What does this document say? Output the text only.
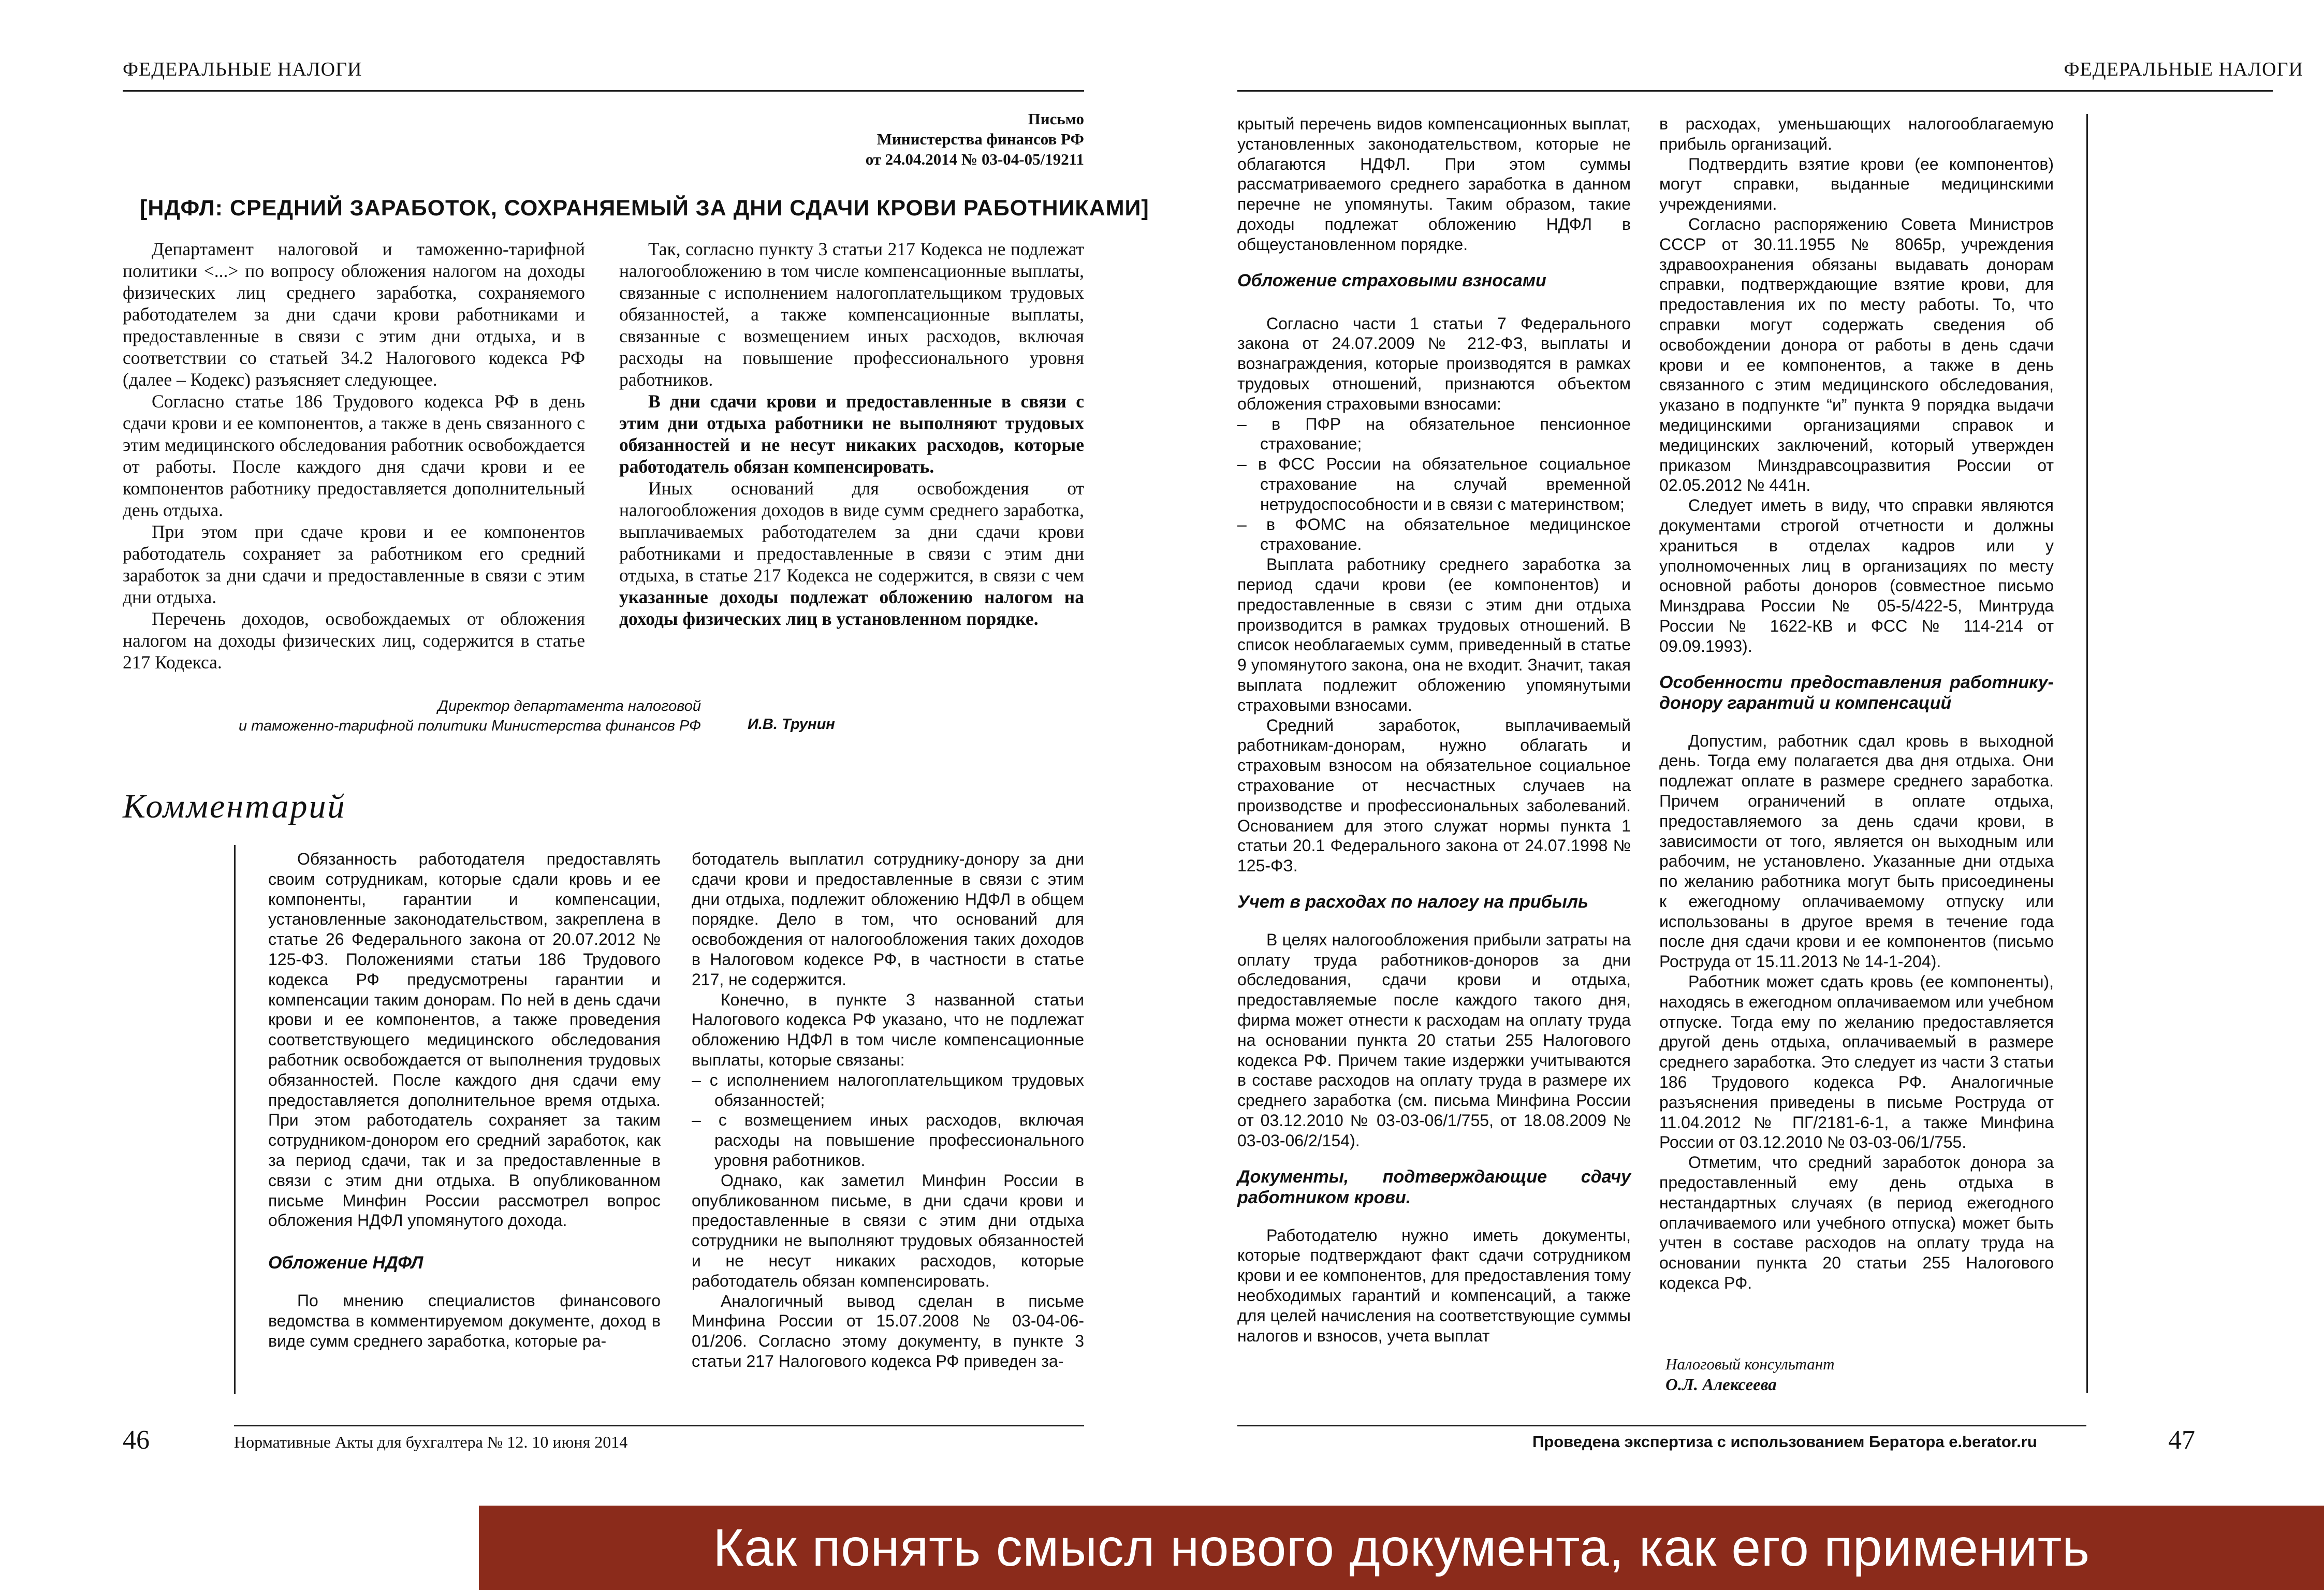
ФЕДЕРАЛЬНЫЕ НАЛОГИ
Письмо
Министерства финансов РФ
от 24.04.2014 № 03-04-05/19211
[НДФЛ: СРЕДНИЙ ЗАРАБОТОК, СОХРАНЯЕМЫЙ ЗА ДНИ СДАЧИ КРОВИ РАБОТНИКАМИ]

Департамент налоговой и таможенно-тарифной политики <...> по вопросу обложения налогом на доходы физических лиц среднего заработка, сохраняемого работодателем за дни сдачи крови работниками и предоставленные в связи с этим дни отдыха, и в соответствии со статьей 34.2 Налогового кодекса РФ (далее – Кодекс) разъясняет следующее.

Согласно статье 186 Трудового кодекса РФ в день сдачи крови и ее компонентов, а также в день связанного с этим медицинского обследования работник освобождается от работы. После каждого дня сдачи крови и ее компонентов работнику предоставляется дополнительный день отдыха.

При этом при сдаче крови и ее компонентов работодатель сохраняет за работником его средний заработок за дни сдачи и предоставленные в связи с этим дни отдыха.

Перечень доходов, освобождаемых от обложения налогом на доходы физических лиц, содержится в статье 217 Кодекса.

Так, согласно пункту 3 статьи 217 Кодекса не подлежат налогообложению в том числе компенсационные выплаты, связанные с исполнением налогоплательщиком трудовых обязанностей, а также компенсационные выплаты, связанные с возмещением иных расходов, включая расходы на повышение профессионального уровня работников.

В дни сдачи крови и предоставленные в связи с этим дни отдыха работники не выполняют трудовых обязанностей и не несут никаких расходов, которые работодатель обязан компенсировать.

Иных оснований для освобождения от налогообложения доходов в виде сумм среднего заработка, выплачиваемых работодателем за дни сдачи крови работниками и предоставленные в связи с этим дни отдыха, в статье 217 Кодекса не содержится, в связи с чем указанные доходы подлежат обложению налогом на доходы физических лиц в установленном порядке.

Директор департамента налоговой
и таможенно-тарифной политики Министерства финансов РФ	И.В. Трунин
Комментарий

Обязанность работодателя предоставлять своим сотрудникам, которые сдали кровь и ее компоненты, гарантии и компенсации, установленные законодательством, закреплена в статье 26 Федерального закона от 20.07.2012 № 125-ФЗ. Положениями статьи 186 Трудового кодекса РФ предусмотрены гарантии и компенсации таким донорам. По ней в день сдачи крови и ее компонентов, а также проведения соответствующего медицинского обследования работник освобождается от выполнения трудовых обязанностей. После каждого дня сдачи ему предоставляется дополнительное время отдыха. При этом работодатель сохраняет за таким сотрудником-донором его средний заработок, как за период сдачи, так и за предоставленные в связи с этим дни отдыха. В опубликованном письме Минфин России рассмотрел вопрос обложения НДФЛ упомянутого дохода.

Обложение НДФЛ

По мнению специалистов финансового ведомства в комментируемом документе, доход в виде сумм среднего заработка, которые ра-

ботодатель выплатил сотруднику-донору за дни сдачи крови и предоставленные в связи с этим дни отдыха, подлежит обложению НДФЛ в общем порядке. Дело в том, что оснований для освобождения от налогообложения таких доходов в Налоговом кодексе РФ, в частности в статье 217, не содержится.

Конечно, в пункте 3 названной статьи Налогового кодекса РФ указано, что не подлежат обложению НДФЛ в том числе компенсационные выплаты, которые связаны:

– с исполнением налогоплательщиком трудовых обязанностей;

– с возмещением иных расходов, включая расходы на повышение профессионального уровня работников.

Однако, как заметил Минфин России в опубликованном письме, в дни сдачи крови и предоставленные в связи с этим дни отдыха сотрудники не выполняют трудовых обязанностей и не несут никаких расходов, которые работодатель обязан компенсировать.

Аналогичный вывод сделан в письме Минфина России от 15.07.2008 № 03-04-06-01/206. Согласно этому документу, в пункте 3 статьи 217 Налогового кодекса РФ приведен за-

46	Нормативные Акты для бухгалтера № 12. 10 июня 2014
ФЕДЕРАЛЬНЫЕ НАЛОГИ

крытый перечень видов компенсационных выплат, установленных законодательством, которые не облагаются НДФЛ. При этом суммы рассматриваемого среднего заработка в данном перечне не упомянуты. Таким образом, такие доходы подлежат обложению НДФЛ в общеустановленном порядке.

Обложение страховыми взносами

Согласно части 1 статьи 7 Федерального закона от 24.07.2009 № 212-ФЗ, выплаты и вознаграждения, которые производятся в рамках трудовых отношений, признаются объектом обложения страховыми взносами:

– в ПФР на обязательное пенсионное страхование;

– в ФСС России на обязательное социальное страхование на случай временной нетрудоспособности и в связи с материнством;

– в ФОМС на обязательное медицинское страхование.

Выплата работнику среднего заработка за период сдачи крови (ее компонентов) и предоставленные в связи с этим дни отдыха производится в рамках трудовых отношений. В список необлагаемых сумм, приведенный в статье 9 упомянутого закона, она не входит. Значит, такая выплата подлежит обложению упомянутыми страховыми взносами.

Средний заработок, выплачиваемый работникам-донорам, нужно облагать и страховым взносом на обязательное социальное страхование от несчастных случаев на производстве и профессиональных заболеваний. Основанием для этого служат нормы пункта 1 статьи 20.1 Федерального закона от 24.07.1998 № 125-ФЗ.

Учет в расходах по налогу на прибыль

В целях налогообложения прибыли затраты на оплату труда работников-доноров за дни обследования, сдачи крови и отдыха, предоставляемые после каждого такого дня, фирма может отнести к расходам на оплату труда на основании пункта 20 статьи 255 Налогового кодекса РФ. Причем такие издержки учитываются в составе расходов на оплату труда в размере их среднего заработка (см. письма Минфина России от 03.12.2010 № 03-03-06/1/755, от 18.08.2009 № 03-03-06/2/154).

Документы, подтверждающие сдачу работником крови.

Работодателю нужно иметь документы, которые подтверждают факт сдачи сотрудником крови и ее компонентов, для предоставления тому необходимых гарантий и компенсаций, а также для целей начисления на соответствующие суммы налогов и взносов, учета выплат

в расходах, уменьшающих налогооблагаемую прибыль организаций.

Подтвердить взятие крови (ее компонентов) могут справки, выданные медицинскими учреждениями.

Согласно распоряжению Совета Министров СССР от 30.11.1955 № 8065р, учреждения здравоохранения обязаны выдавать донорам справки, подтверждающие взятие крови, для предоставления их по месту работы. То, что справки могут содержать сведения об освобождении донора от работы в день сдачи крови и ее компонентов, а также в день связанного с этим медицинского обследования, указано в подпункте “и” пункта 9 порядка выдачи медицинскими организациями справок и медицинских заключений, который утвержден приказом Минздравсоцразвития России от 02.05.2012 № 441н.

Следует иметь в виду, что справки являются документами строгой отчетности и должны храниться в отделах кадров или у уполномоченных лиц в организациях по месту основной работы доноров (совместное письмо Минздрава России № 05-5/422-5, Минтруда России № 1622-КВ и ФСС № 114-214 от 09.09.1993).

Особенности предоставления работнику-донору гарантий и компенсаций

Допустим, работник сдал кровь в выходной день. Тогда ему полагается два дня отдыха. Они подлежат оплате в размере среднего заработка. Причем ограничений в оплате отдыха, предоставляемого за день сдачи крови, в зависимости от того, является он выходным или рабочим, не установлено. Указанные дни отдыха по желанию работника могут быть присоединены к ежегодному оплачиваемому отпуску или использованы в другое время в течение года после дня сдачи крови и ее компонентов (письмо Роструда от 15.11.2013 № 14-1-204).

Работник может сдать кровь (ее компоненты), находясь в ежегодном оплачиваемом или учебном отпуске. Тогда ему по желанию предоставляется другой день отдыха, оплачиваемый в размере среднего заработка. Это следует из части 3 статьи 186 Трудового кодекса РФ. Аналогичные разъяснения приведены в письме Роструда от 11.04.2012 № ПГ/2181-6-1, а также Минфина России от 03.12.2010 № 03-03-06/1/755.

Отметим, что средний заработок донора за предоставленный ему день отдыха в нестандартных случаях (в период ежегодного оплачиваемого или учебного отпуска) может быть учтен в составе расходов на оплату труда на основании пункта 20 статьи 255 Налогового кодекса РФ.

Налоговый консультант
О.Л. Алексеева
Проведена экспертиза с использованием Бератора e.berator.ru	47
Как понять смысл нового документа, как его применить
